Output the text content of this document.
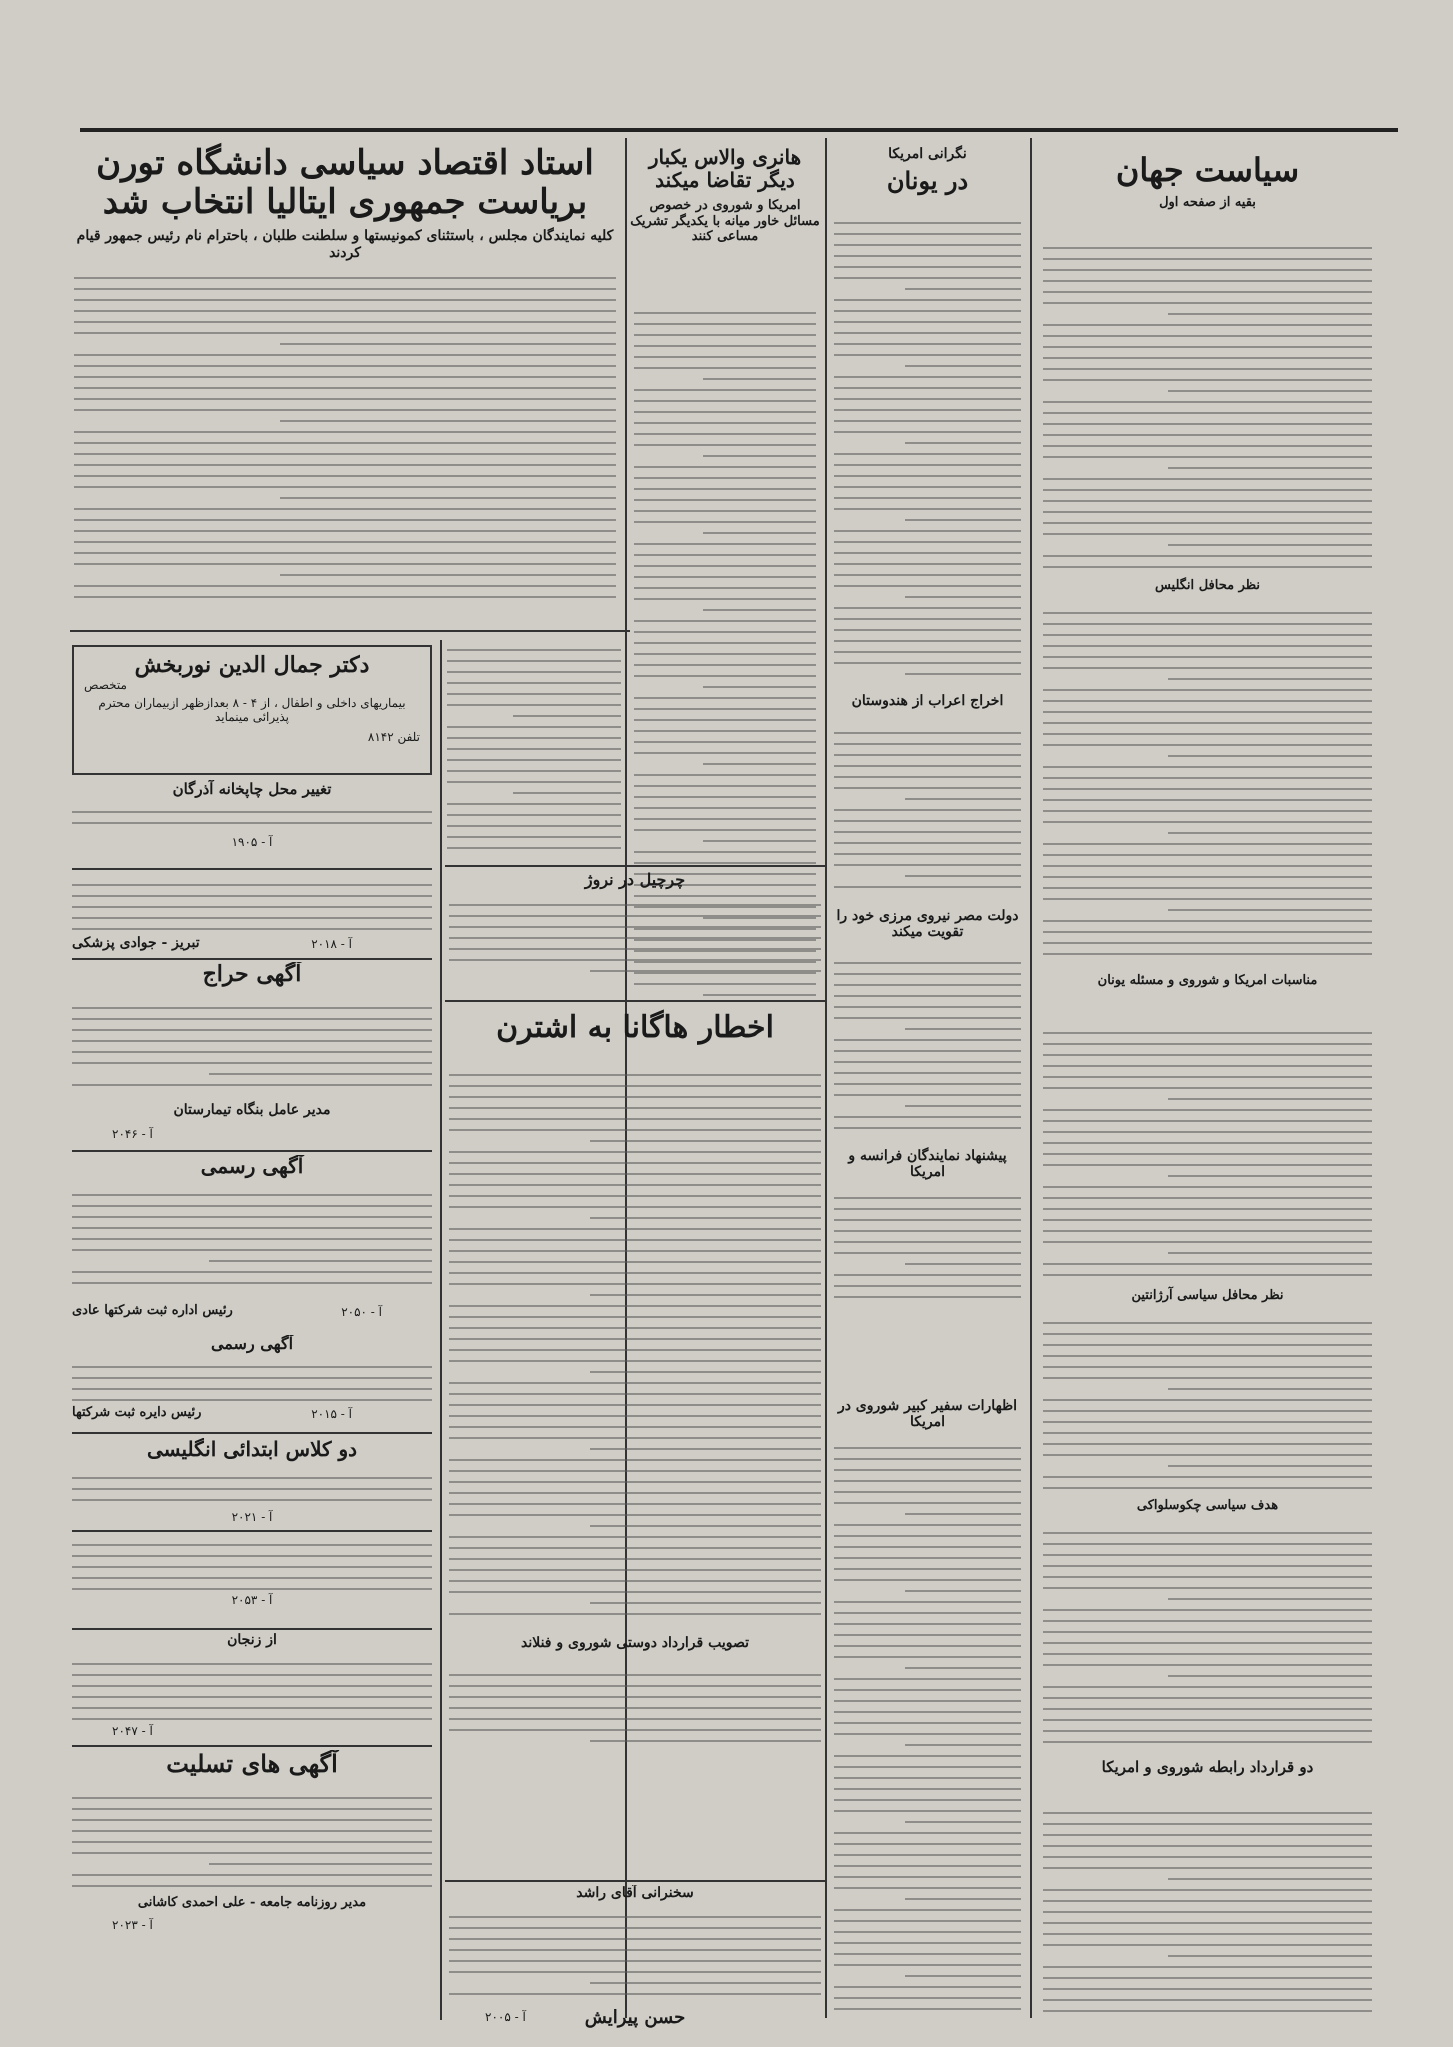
سیاست جهان
بقیه از صفحه اول
نظر محافل انگلیس
مناسبات امریکا و شوروی و مسئله یونان
نظر محافل سیاسی آرژانتین
هدف سیاسی چکوسلواکی
دو قرارداد رابطه شوروی و امریکا
نگرانی امریکا
در یونان
اخراج اعراب از هندوستان
دولت مصر نیروی مرزی خود را تقویت میکند
پیشنهاد نمایندگان فرانسه و امریکا
اظهارات سفیر کبیر شوروی در امریکا
هانری والاس یکبار دیگر تقاضا میکند
امریکا و شوروی در خصوص مسائل خاور میانه با یکدیگر تشریک مساعی کنند
استاد اقتصاد سیاسی دانشگاه تورن بریاست جمهوری ایتالیا انتخاب شد
کلیه نمایندگان مجلس ، باستثنای کمونیستها و سلطنت طلبان ، باحترام نام رئیس جمهور قیام کردند
دکتر جمال الدین نوربخش
متخصص
بیماریهای داخلی و اطفال ، از ۴ - ۸ بعدازظهر ازبیماران محترم پذیرائی مینماید
تلفن ۸۱۴۲
تغییر محل چاپخانه آذرگان
آ - ۱۹۰۵
تبریز - جوادی پزشکی	آ - ۲۰۱۸
آگهی حراج
مدیر عامل بنگاه تیمارستان
آ - ۲۰۴۶
آگهی رسمی
رئیس اداره ثبت شرکتها عادی	آ - ۲۰۵۰
آگهی رسمی
رئیس دایره ثبت شرکتها	آ - ۲۰۱۵
دو کلاس ابتدائی انگلیسی
آ - ۲۰۲۱
آ - ۲۰۵۳
از زنجان
آ - ۲۰۴۷
آگهی های تسلیت
مدیر روزنامه جامعه - علی احمدی کاشانی
آ - ۲۰۲۳
چرچیل در نروژ
اخطار هاگانا به اشترن
تصویب قرارداد دوستی شوروی و فنلاند
سخنرانی آقای راشد
حسن پیرایش
آ - ۲۰۰۵
